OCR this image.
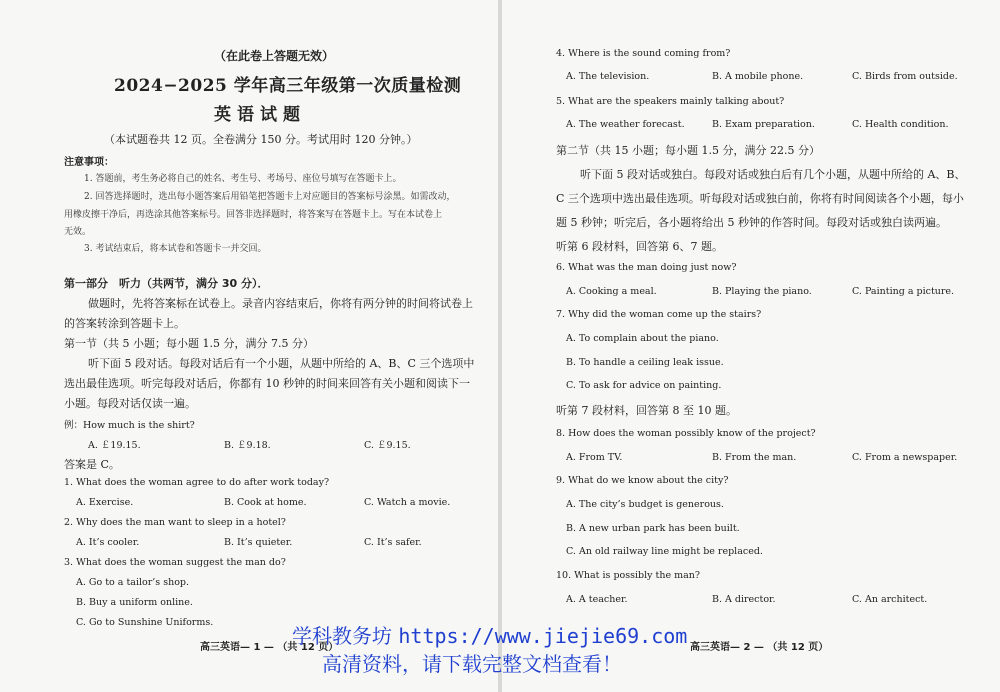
（在此卷上答题无效）
2024−2025 学年高三年级第一次质量检测
英语试题
（本试题卷共 12 页。全卷满分 150 分。考试用时 120 分钟。）
注意事项：
1. 答题前，考生务必将自己的姓名、考生号、考场号、座位号填写在答题卡上。
2. 回答选择题时，选出每小题答案后用铅笔把答题卡上对应题目的答案标号涂黑。如需改动，
用橡皮擦干净后，再选涂其他答案标号。回答非选择题时，将答案写在答题卡上。写在本试卷上
无效。
3. 考试结束后，将本试卷和答题卡一并交回。
第一部分　听力（共两节，满分 30 分）．
做题时，先将答案标在试卷上。录音内容结束后，你将有两分钟的时间将试卷上
的答案转涂到答题卡上。
第一节（共 5 小题；每小题 1.5 分，满分 7.5 分）
听下面 5 段对话。每段对话后有一个小题，从题中所给的 A、B、C 三个选项中
选出最佳选项。听完每段对话后，你都有 10 秒钟的时间来回答有关小题和阅读下一
小题。每段对话仅读一遍。
例：How much is the shirt?
A. ￡19.15.	B. ￡9.18.	C. ￡9.15.
答案是 C。
1. What does the woman agree to do after work today?
A. Exercise.	B. Cook at home.	C. Watch a movie.
2. Why does the man want to sleep in a hotel?
A. It’s cooler.	B. It’s quieter.	C. It’s safer.
3. What does the woman suggest the man do?
A. Go to a tailor’s shop.
B. Buy a uniform online.
C. Go to Sunshine Uniforms.
高三英语— 1 — （共 12 页）
4. Where is the sound coming from?
A. The television.	B. A mobile phone.	C. Birds from outside.
5. What are the speakers mainly talking about?
A. The weather forecast.	B. Exam preparation.	C. Health condition.
第二节（共 15 小题；每小题 1.5 分，满分 22.5 分）
听下面 5 段对话或独白。每段对话或独白后有几个小题，从题中所给的 A、B、
C 三个选项中选出最佳选项。听每段对话或独白前，你将有时间阅读各个小题，每小
题 5 秒钟；听完后，各小题将给出 5 秒钟的作答时间。每段对话或独白读两遍。
听第 6 段材料，回答第 6、7 题。
6. What was the man doing just now?
A. Cooking a meal.	B. Playing the piano.	C. Painting a picture.
7. Why did the woman come up the stairs?
A. To complain about the piano.
B. To handle a ceiling leak issue.
C. To ask for advice on painting.
听第 7 段材料，回答第 8 至 10 题。
8. How does the woman possibly know of the project?
A. From TV.	B. From the man.	C. From a newspaper.
9. What do we know about the city?
A. The city’s budget is generous.
B. A new urban park has been built.
C. An old railway line might be replaced.
10. What is possibly the man?
A. A teacher.	B. A director.	C. An architect.
高三英语— 2 — （共 12 页）
学科教务坊 https://www.jiejie69.com
高清资料，请下载完整文档查看！
